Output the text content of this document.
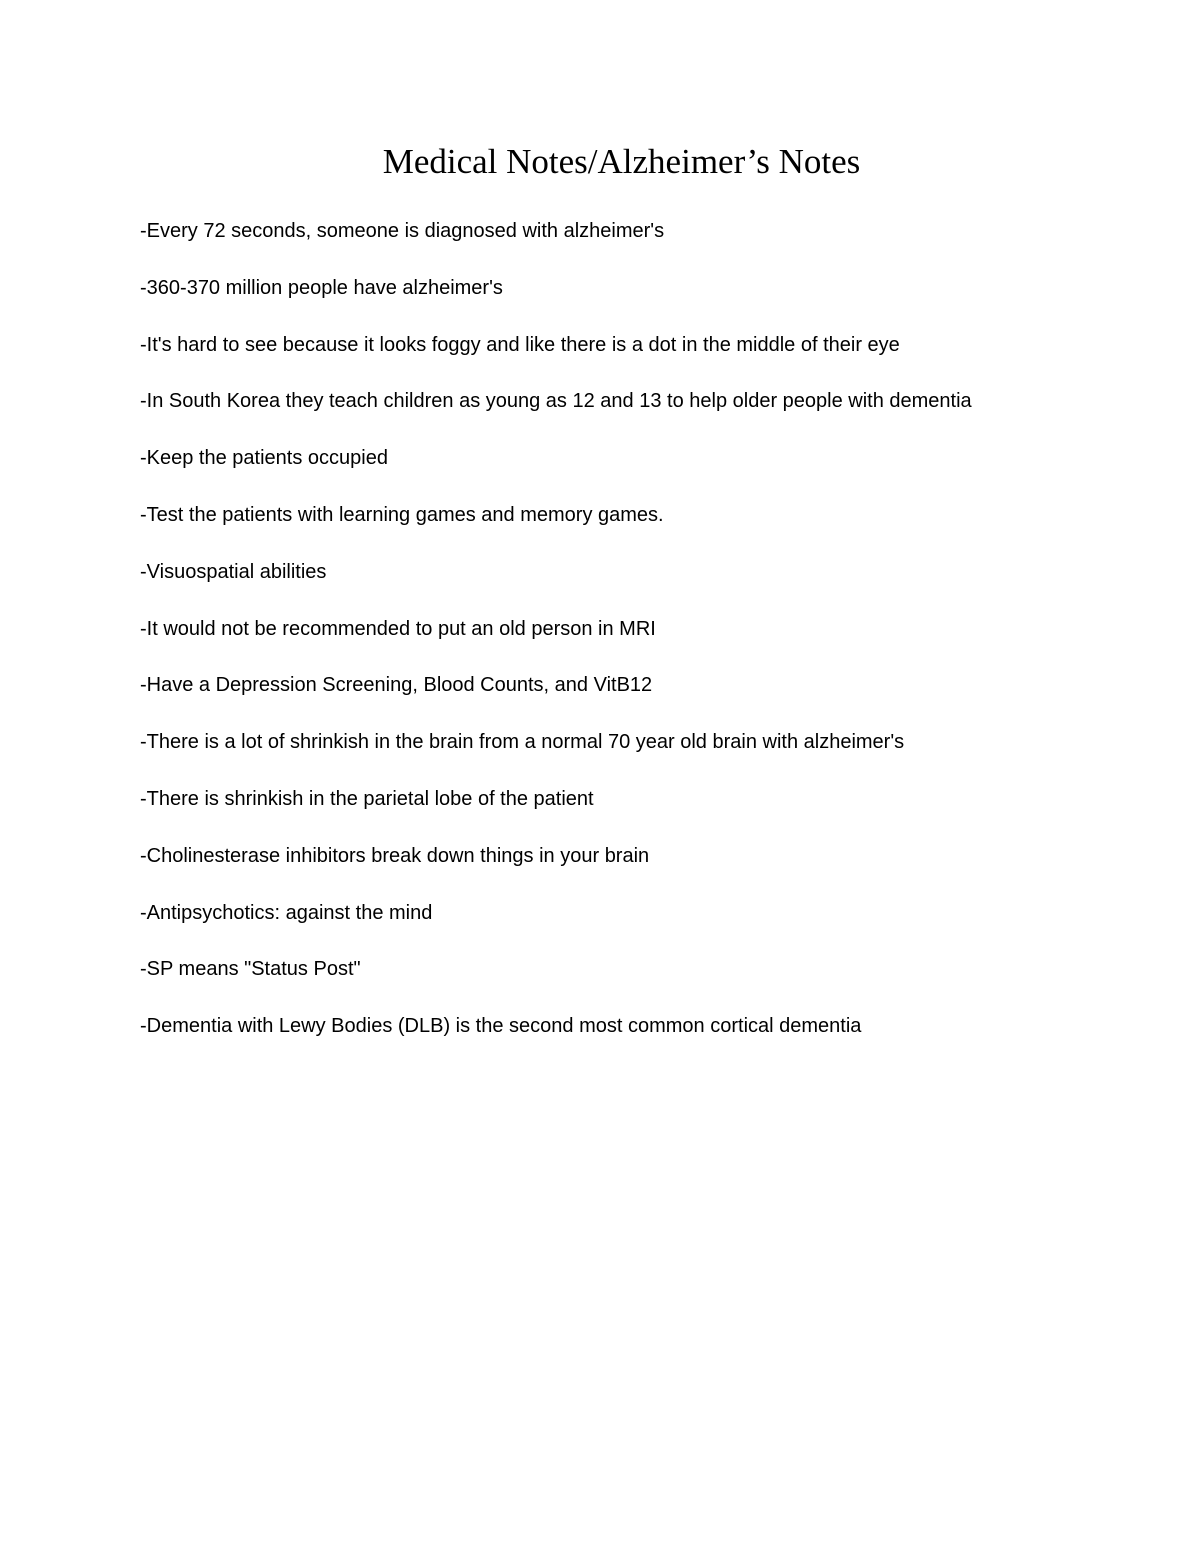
Medical Notes/Alzheimer’s Notes
-Every 72 seconds, someone is diagnosed with alzheimer's
-360-370 million people have alzheimer's
-It's hard to see because it looks foggy and like there is a dot in the middle of their eye
-In South Korea they teach children as young as 12 and 13 to help older people with dementia
-Keep the patients occupied
-Test the patients with learning games and memory games.
-Visuospatial abilities
-It would not be recommended to put an old person in MRI
-Have a Depression Screening, Blood Counts, and VitB12
-There is a lot of shrinkish in the brain from a normal 70 year old brain with alzheimer's
-There is shrinkish in the parietal lobe of the patient
-Cholinesterase inhibitors break down things in your brain
-Antipsychotics: against the mind
-SP means "Status Post"
-Dementia with Lewy Bodies (DLB) is the second most common cortical dementia
